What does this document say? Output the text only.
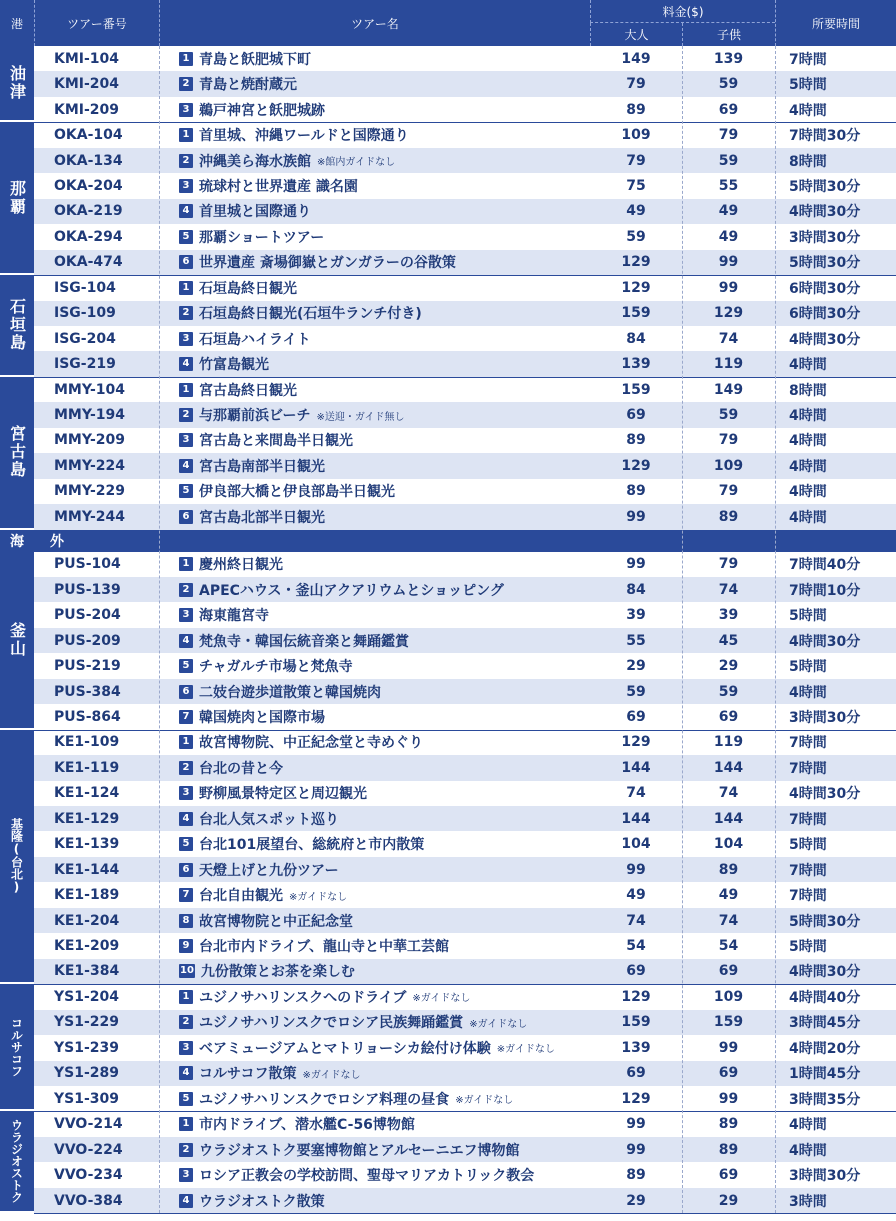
港	ツアー番号	ツアー名
料金($)
大人	子供
所要時間
KMI-104	1 青島と飫肥城下町	149	139	7時間
KMI-204	2 青島と焼酎蔵元	79	59	5時間
KMI-209	3 鵜戸神宮と飫肥城跡	89	69	4時間
油津
OKA-104	1 首里城、沖縄ワールドと国際通り	109	79	7時間30分
OKA-134	2 沖縄美ら海水族館 ※館内ガイドなし	79	59	8時間
OKA-204	3 琉球村と世界遺産 識名園	75	55	5時間30分
OKA-219	4 首里城と国際通り	49	49	4時間30分
OKA-294	5 那覇ショートツアー	59	49	3時間30分
OKA-474	6 世界遺産 斎場御嶽とガンガラーの谷散策	129	99	5時間30分
那覇
ISG-104	1 石垣島終日観光	129	99	6時間30分
ISG-109	2 石垣島終日観光(石垣牛ランチ付き)	159	129	6時間30分
ISG-204	3 石垣島ハイライト	84	74	4時間30分
ISG-219	4 竹富島観光	139	119	4時間
石垣島
MMY-104	1 宮古島終日観光	159	149	8時間
MMY-194	2 与那覇前浜ビーチ ※送迎・ガイド無し	69	59	4時間
MMY-209	3 宮古島と来間島半日観光	89	79	4時間
MMY-224	4 宮古島南部半日観光	129	109	4時間
MMY-229	5 伊良部大橋と伊良部島半日観光	89	79	4時間
MMY-244	6 宮古島北部半日観光	99	89	4時間
宮古島
海　外
PUS-104	1 慶州終日観光	99	79	7時間40分
PUS-139	2 APECハウス・釜山アクアリウムとショッピング	84	74	7時間10分
PUS-204	3 海東龍宮寺	39	39	5時間
PUS-209	4 梵魚寺・韓国伝統音楽と舞踊鑑賞	55	45	4時間30分
PUS-219	5 チャガルチ市場と梵魚寺	29	29	5時間
PUS-384	6 二妓台遊歩道散策と韓国焼肉	59	59	4時間
PUS-864	7 韓国焼肉と国際市場	69	69	3時間30分
釜山
KE1-109	1 故宮博物院、中正紀念堂と寺めぐり	129	119	7時間
KE1-119	2 台北の昔と今	144	144	7時間
KE1-124	3 野柳風景特定区と周辺観光	74	74	4時間30分
KE1-129	4 台北人気スポット巡り	144	144	7時間
KE1-139	5 台北101展望台、総統府と市内散策	104	104	5時間
KE1-144	6 天燈上げと九份ツアー	99	89	7時間
KE1-189	7 台北自由観光 ※ガイドなし	49	49	7時間
KE1-204	8 故宮博物院と中正紀念堂	74	74	5時間30分
KE1-209	9 台北市内ドライブ、龍山寺と中華工芸館	54	54	5時間
KE1-384	10 九份散策とお茶を楽しむ	69	69	4時間30分
基隆(台北)
YS1-204	1 ユジノサハリンスクへのドライブ ※ガイドなし	129	109	4時間40分
YS1-229	2 ユジノサハリンスクでロシア民族舞踊鑑賞 ※ガイドなし	159	159	3時間45分
YS1-239	3 ベアミュージアムとマトリョーシカ絵付け体験 ※ガイドなし	139	99	4時間20分
YS1-289	4 コルサコフ散策 ※ガイドなし	69	69	1時間45分
YS1-309	5 ユジノサハリンスクでロシア料理の昼食 ※ガイドなし	129	99	3時間35分
コルサコフ
VVO-214	1 市内ドライブ、潜水艦C-56博物館	99	89	4時間
VVO-224	2 ウラジオストク要塞博物館とアルセーニエフ博物館	99	89	4時間
VVO-234	3 ロシア正教会の学校訪問、聖母マリアカトリック教会	89	69	3時間30分
VVO-384	4 ウラジオストク散策	29	29	3時間
ウラジオストク
